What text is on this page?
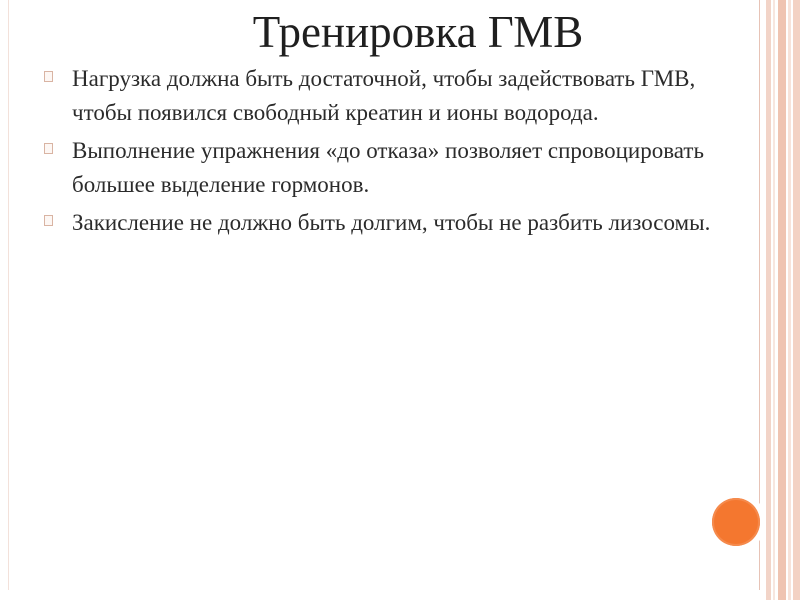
Тренировка ГМВ
Нагрузка должна быть достаточной, чтобы задействовать ГМВ, чтобы появился свободный креатин и ионы водорода.
Выполнение упражнения «до отказа» позволяет спровоцировать большее выделение гормонов.
Закисление не должно быть долгим, чтобы не разбить лизосомы.
